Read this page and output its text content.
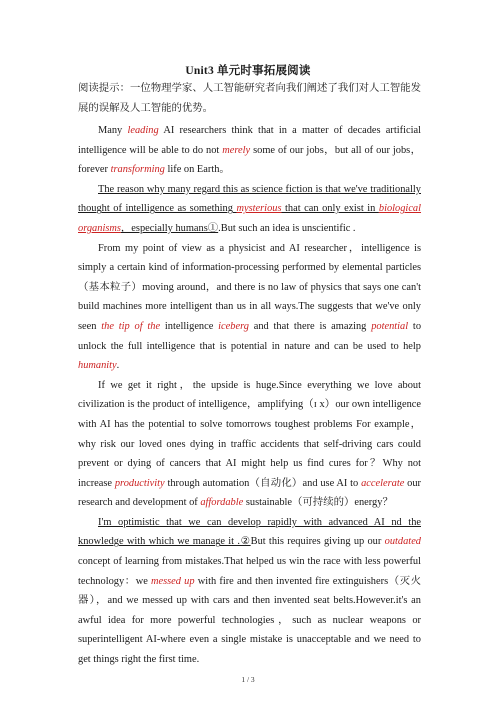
Unit3 单元时事拓展阅读

阅读提示：一位物理学家、人工智能研究者向我们阐述了我们对人工智能发展的误解及人工智能的优势。

Many leading AI researchers think that in a matter of decades artificial intelligence will be able to do not merely some of our jobs，but all of our jobs，forever transforming life on Earth。

The reason why many regard this as science fiction is that we've traditionally thought of intelligence as something mysterious that can only exist in biological organisms，especially humans①.But such an idea is unscientific .

From my point of view as a physicist and AI researcher，intelligence is simply a certain kind of information-processing performed by elemental particles（基本粒子）moving around，and there is no law of physics that says one can't build machines more intelligent than us in all ways.The suggests that we've only seen the tip of the intelligence iceberg and that there is amazing potential to unlock the full intelligence that is potential in nature and can be used to help humanity.

If we get it right，the upside is huge.Since everything we love about civilization is the product of intelligence，amplifying（ɪ x）our own intelligence with AI has the potential to solve tomorrows toughest problems For example，why risk our loved ones dying in traffic accidents that self-driving cars could prevent or dying of cancers that AI might help us find cures for？Why not increase productivity through automation（自动化）and use AI to accelerate our research and development of affordable sustainable（可持续的）energy？

I'm optimistic that we can develop rapidly with advanced AI nd the knowledge with which we manage it .②But this requires giving up our outdated concept of learning from mistakes.That helped us win the race with less powerful technology：we messed up with fire and then invented fire extinguishers（灭火器），and we messed up with cars and then invented seat belts.However.it's an awful idea for more powerful technologies，such as nuclear weapons or superintelligent AI-where even a single mistake is unacceptable and we need to get things right the first time.

1 / 3
